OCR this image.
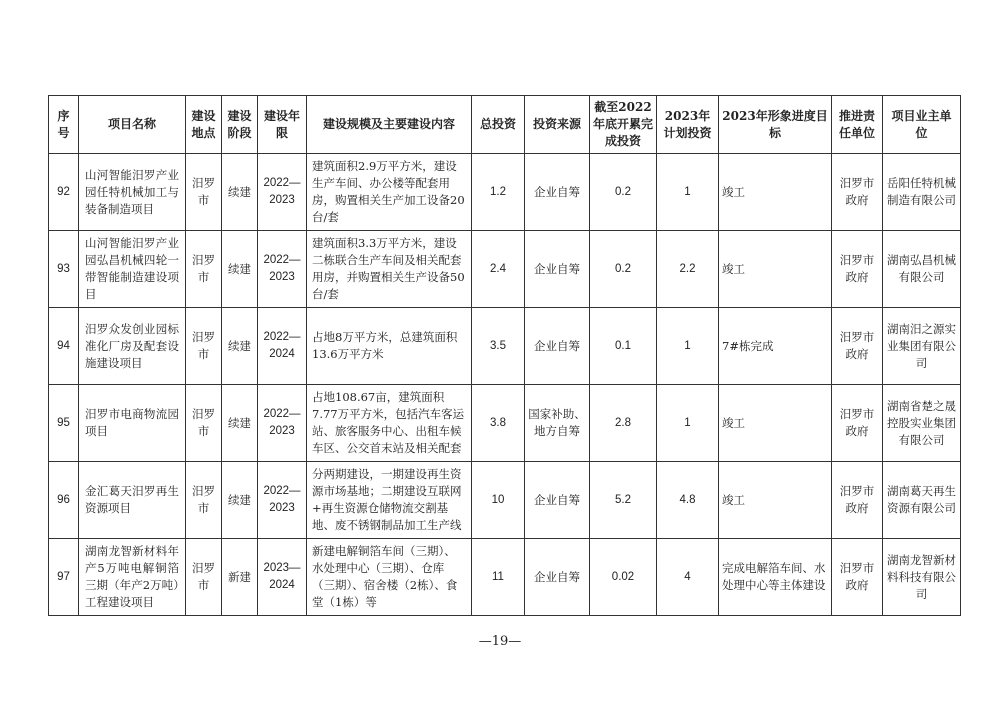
序号	项目名称	建设地点	建设阶段	建设年限	建设规模及主要建设内容	总投资	投资来源	截至2022年底开累完成投资	2023年计划投资	2023年形象进度目标	推进责任单位	项目业主单位
92	山河智能汨罗产业园任特机械加工与装备制造项目	汨罗市	续建	2022—2023	建筑面积2.9万平方米，建设生产车间、办公楼等配套用房，购置相关生产加工设备20台/套	1.2	企业自筹	0.2	1	竣工	汨罗市政府	岳阳任特机械制造有限公司
93	山河智能汨罗产业园弘昌机械四轮一带智能制造建设项目	汨罗市	续建	2022—2023	建筑面积3.3万平方米，建设二栋联合生产车间及相关配套用房，并购置相关生产设备50台/套	2.4	企业自筹	0.2	2.2	竣工	汨罗市政府	湖南弘昌机械有限公司
94	汨罗众发创业园标准化厂房及配套设施建设项目	汨罗市	续建	2022—2024	占地8万平方米，总建筑面积13.6万平方米	3.5	企业自筹	0.1	1	7#栋完成	汨罗市政府	湖南汨之源实业集团有限公司
95	汨罗市电商物流园项目	汨罗市	续建	2022—2023	占地108.67亩，建筑面积7.77万平方米，包括汽车客运站、旅客服务中心、出租车候车区、公交首末站及相关配套	3.8	国家补助、地方自筹	2.8	1	竣工	汨罗市政府	湖南省楚之晟控股实业集团有限公司
96	金汇葛天汨罗再生资源项目	汨罗市	续建	2022—2023	分两期建设，一期建设再生资源市场基地；二期建设互联网+再生资源仓储物流交割基地、废不锈钢制品加工生产线	10	企业自筹	5.2	4.8	竣工	汨罗市政府	湖南葛天再生资源有限公司
97	湖南龙智新材料年产5万吨电解铜箔三期（年产2万吨）工程建设项目	汨罗市	新建	2023—2024	新建电解铜箔车间（三期）、水处理中心（三期）、仓库（三期）、宿舍楼（2栋）、食堂（1栋）等	11	企业自筹	0.02	4	完成电解箔车间、水处理中心等主体建设	汨罗市政府	湖南龙智新材料科技有限公司
—19—
